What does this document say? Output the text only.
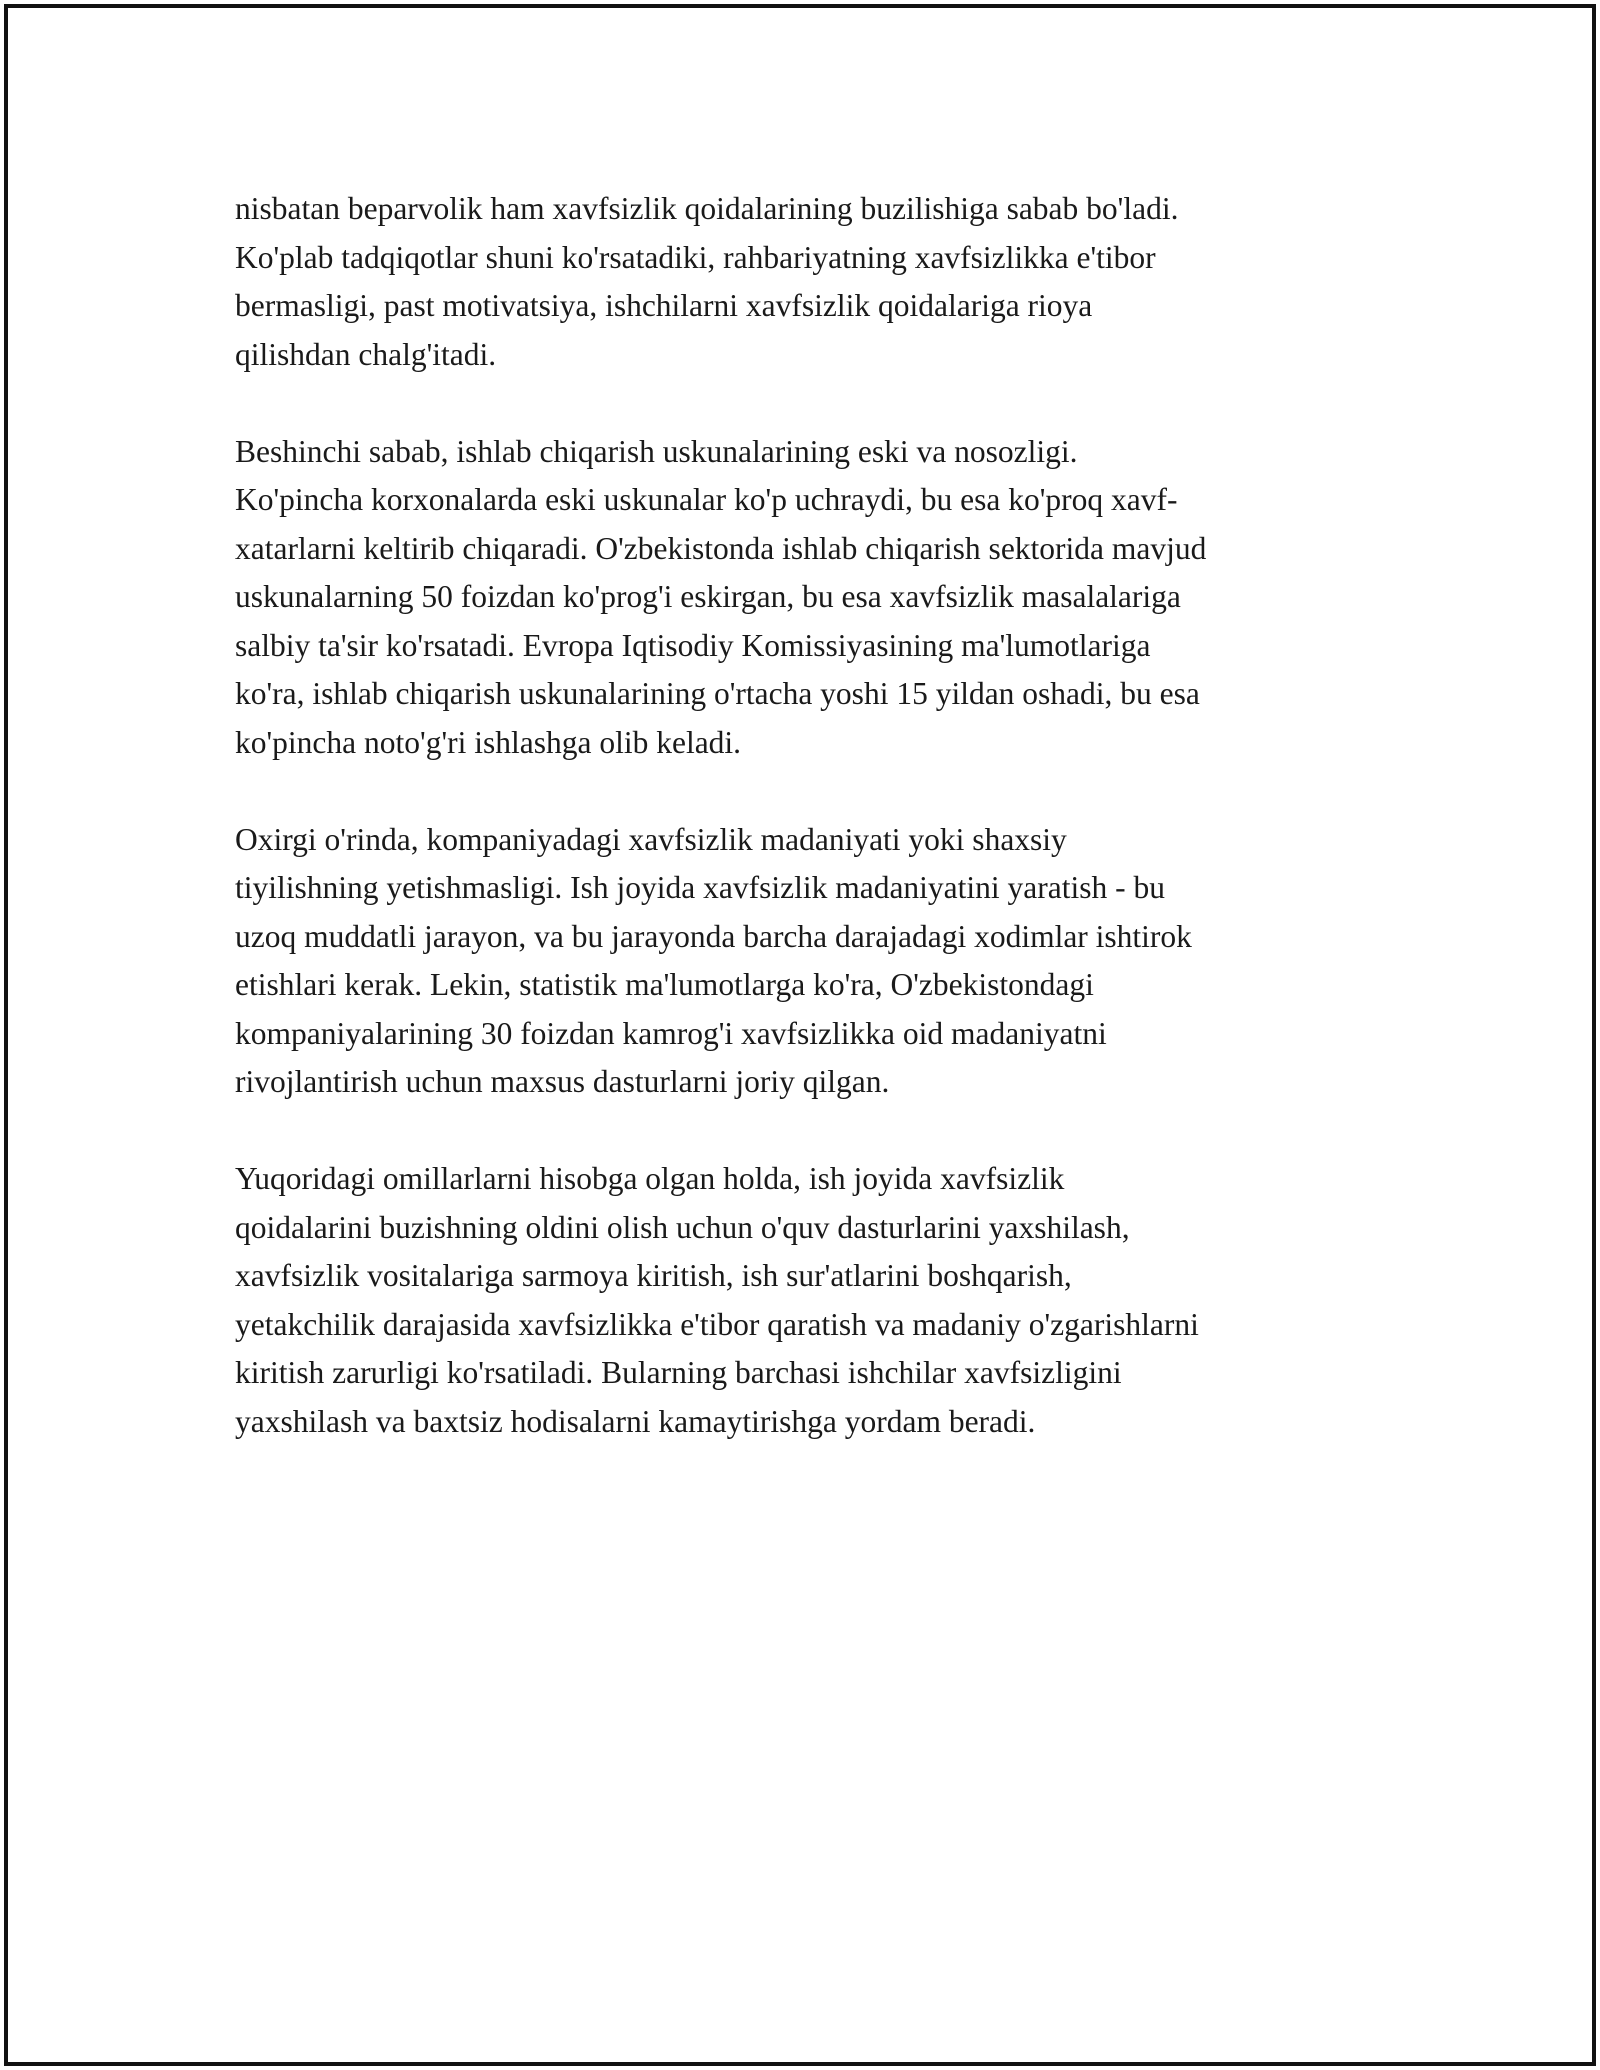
nisbatan beparvolik ham xavfsizlik qoidalarining buzilishiga sabab bo'ladi.
Ko'plab tadqiqotlar shuni ko'rsatadiki, rahbariyatning xavfsizlikka e'tibor
bermasligi, past motivatsiya, ishchilarni xavfsizlik qoidalariga rioya
qilishdan chalg'itadi.

Beshinchi sabab, ishlab chiqarish uskunalarining eski va nosozligi.
Ko'pincha korxonalarda eski uskunalar ko'p uchraydi, bu esa ko'proq xavf-
xatarlarni keltirib chiqaradi. O'zbekistonda ishlab chiqarish sektorida mavjud
uskunalarning 50 foizdan ko'prog'i eskirgan, bu esa xavfsizlik masalalariga
salbiy ta'sir ko'rsatadi. Evropa Iqtisodiy Komissiyasining ma'lumotlariga
ko'ra, ishlab chiqarish uskunalarining o'rtacha yoshi 15 yildan oshadi, bu esa
ko'pincha noto'g'ri ishlashga olib keladi.

Oxirgi o'rinda, kompaniyadagi xavfsizlik madaniyati yoki shaxsiy
tiyilishning yetishmasligi. Ish joyida xavfsizlik madaniyatini yaratish - bu
uzoq muddatli jarayon, va bu jarayonda barcha darajadagi xodimlar ishtirok
etishlari kerak. Lekin, statistik ma'lumotlarga ko'ra, O'zbekistondagi
kompaniyalarining 30 foizdan kamrog'i xavfsizlikka oid madaniyatni
rivojlantirish uchun maxsus dasturlarni joriy qilgan.

Yuqoridagi omillarlarni hisobga olgan holda, ish joyida xavfsizlik
qoidalarini buzishning oldini olish uchun o'quv dasturlarini yaxshilash,
xavfsizlik vositalariga sarmoya kiritish, ish sur'atlarini boshqarish,
yetakchilik darajasida xavfsizlikka e'tibor qaratish va madaniy o'zgarishlarni
kiritish zarurligi ko'rsatiladi. Bularning barchasi ishchilar xavfsizligini
yaxshilash va baxtsiz hodisalarni kamaytirishga yordam beradi.
